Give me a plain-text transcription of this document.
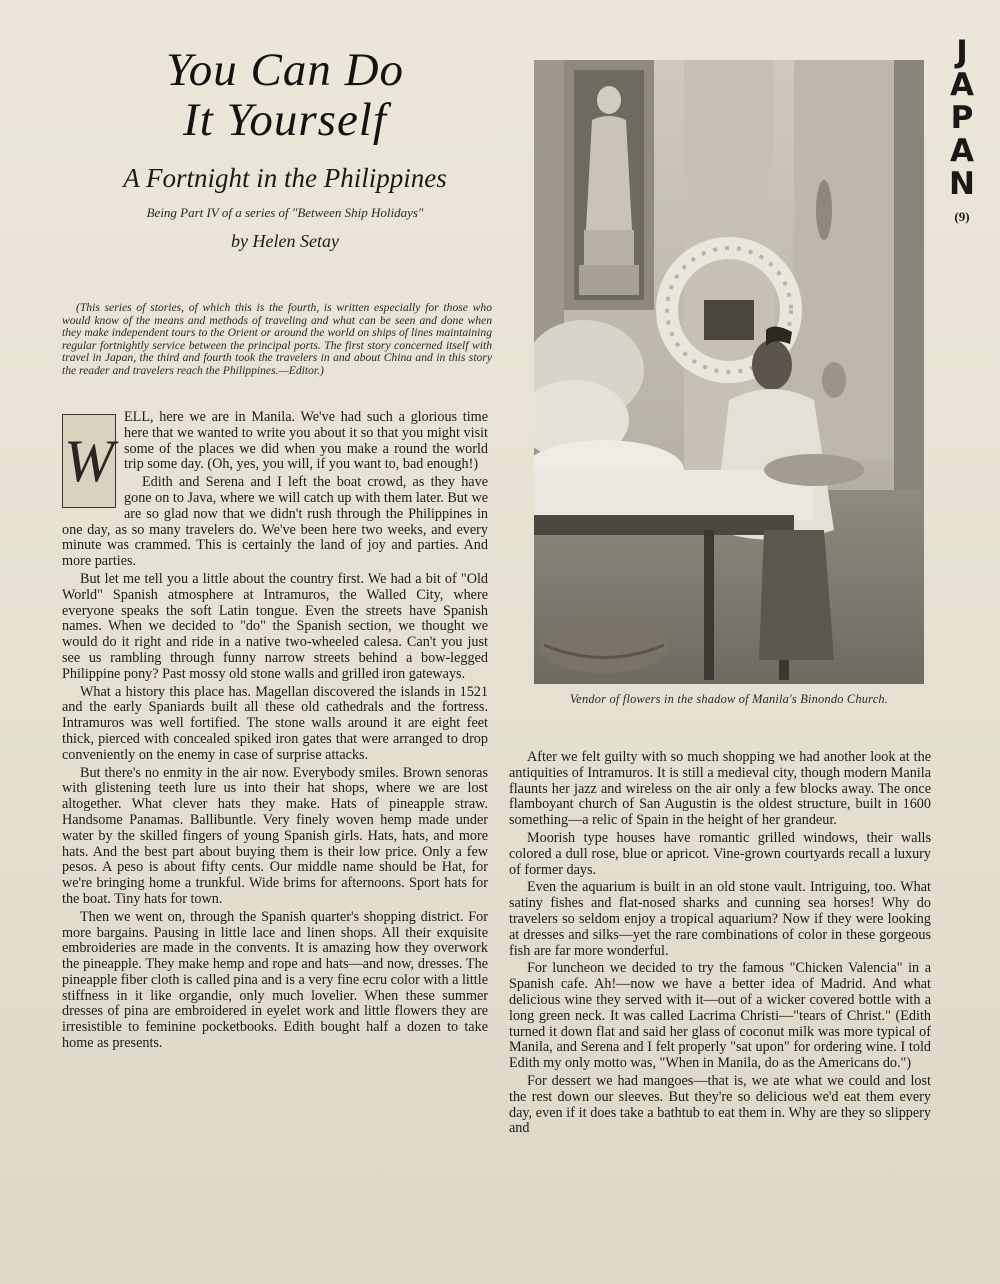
J
A
P
A
N
(9)
You Can Do
It Yourself
A Fortnight in the Philippines
Being Part IV of a series of "Between Ship Holidays"
by Helen Setay
(This series of stories, of which this is the fourth, is written especially for those who would know of the means and methods of traveling and what can be seen and done when they make independent tours to the Orient or around the world on ships of lines maintaining regular fortnightly service between the principal ports. The first story concerned itself with travel in Japan, the third and fourth took the travelers in and about China and in this story the reader and travelers reach the Philippines.—Editor.)
W

ELL, here we are in Manila. We've had such a glorious time here that we wanted to write you about it so that you might visit some of the places we did when you make a round the world trip some day. (Oh, yes, you will, if you want to, bad enough!)

Edith and Serena and I left the boat crowd, as they have gone on to Java, where we will catch up with them later. But we are so glad now that we didn't rush through the Philippines in one day, as so many travelers do. We've been here two weeks, and every minute was crammed. This is certainly the land of joy and parties. And more parties.

But let me tell you a little about the country first. We had a bit of "Old World" Spanish atmosphere at Intramuros, the Walled City, where everyone speaks the soft Latin tongue. Even the streets have Spanish names. When we decided to "do" the Spanish section, we thought we would do it right and ride in a native two-wheeled calesa. Can't you just see us rambling through funny narrow streets behind a bow-legged Philippine pony? Past mossy old stone walls and grilled iron gateways.

What a history this place has. Magellan discovered the islands in 1521 and the early Spaniards built all these old cathedrals and the fortress. Intramuros was well fortified. The stone walls around it are eight feet thick, pierced with concealed spiked iron gates that were arranged to drop conveniently on the enemy in case of surprise attacks.

But there's no enmity in the air now. Everybody smiles. Brown senoras with glistening teeth lure us into their hat shops, where we are lost altogether. What clever hats they make. Hats of pineapple straw. Handsome Panamas. Ballibuntle. Very finely woven hemp made under water by the skilled fingers of young Spanish girls. Hats, hats, and more hats. And the best part about buying them is their low price. Only a few pesos. A peso is about fifty cents. Our middle name should be Hat, for we're bringing home a trunkful. Wide brims for afternoons. Sport hats for the boat. Tiny hats for town.

Then we went on, through the Spanish quarter's shopping district. For more bargains. Pausing in little lace and linen shops. All their exquisite embroideries are made in the convents. It is amazing how they overwork the pineapple. They make hemp and rope and hats—and now, dresses. The pineapple fiber cloth is called pina and is a very fine ecru color with a little stiffness in it like organdie, only much lovelier. When these summer dresses of pina are embroidered in eyelet work and little flowers they are irresistible to feminine pocketbooks. Edith bought half a dozen to take home as presents.

Vendor of flowers in the shadow of Manila's Binondo Church.

After we felt guilty with so much shopping we had another look at the antiquities of Intramuros. It is still a medieval city, though modern Manila flaunts her jazz and wireless on the air only a few blocks away. The once flamboyant church of San Augustin is the oldest structure, built in 1600 something—a relic of Spain in the height of her grandeur.

Moorish type houses have romantic grilled windows, their walls colored a dull rose, blue or apricot. Vine-grown courtyards recall a luxury of former days.

Even the aquarium is built in an old stone vault. Intriguing, too. What satiny fishes and flat-nosed sharks and cunning sea horses! Why do travelers so seldom enjoy a tropical aquarium? Now if they were looking at dresses and silks—yet the rare combinations of color in these gorgeous fish are far more wonderful.

For luncheon we decided to try the famous "Chicken Valencia" in a Spanish cafe. Ah!—now we have a better idea of Madrid. And what delicious wine they served with it—out of a wicker covered bottle with a long green neck. It was called Lacrima Christi—"tears of Christ." (Edith turned it down flat and said her glass of coconut milk was more typical of Manila, and Serena and I felt properly "sat upon" for ordering wine. I told Edith my only motto was, "When in Manila, do as the Americans do.")

For dessert we had mangoes—that is, we ate what we could and lost the rest down our sleeves. But they're so delicious we'd eat them every day, even if it does take a bathtub to eat them in. Why are they so slippery and
